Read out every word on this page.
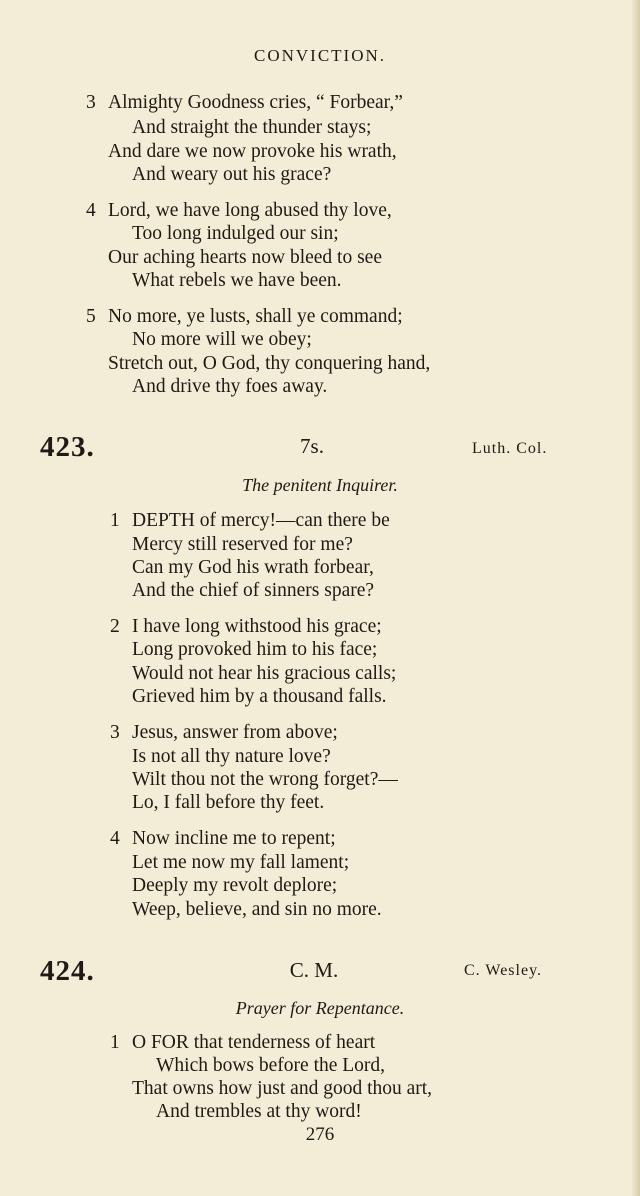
CONVICTION.
3 Almighty Goodness cries, “ Forbear,”
And straight the thunder stays;
And dare we now provoke his wrath,
And weary out his grace?
4 Lord, we have long abused thy love,
Too long indulged our sin;
Our aching hearts now bleed to see
What rebels we have been.
5 No more, ye lusts, shall ye command;
No more will we obey;
Stretch out, O God, thy conquering hand,
And drive thy foes away.
423.	7s.	Luth. Col.
The penitent Inquirer.
1 DEPTH of mercy!—can there be
Mercy still reserved for me?
Can my God his wrath forbear,
And the chief of sinners spare?
2 I have long withstood his grace;
Long provoked him to his face;
Would not hear his gracious calls;
Grieved him by a thousand falls.
3 Jesus, answer from above;
Is not all thy nature love?
Wilt thou not the wrong forget?—
Lo, I fall before thy feet.
4 Now incline me to repent;
Let me now my fall lament;
Deeply my revolt deplore;
Weep, believe, and sin no more.
424.	C. M.	C. Wesley.
Prayer for Repentance.
1 O FOR that tenderness of heart
Which bows before the Lord,
That owns how just and good thou art,
And trembles at thy word!
276
